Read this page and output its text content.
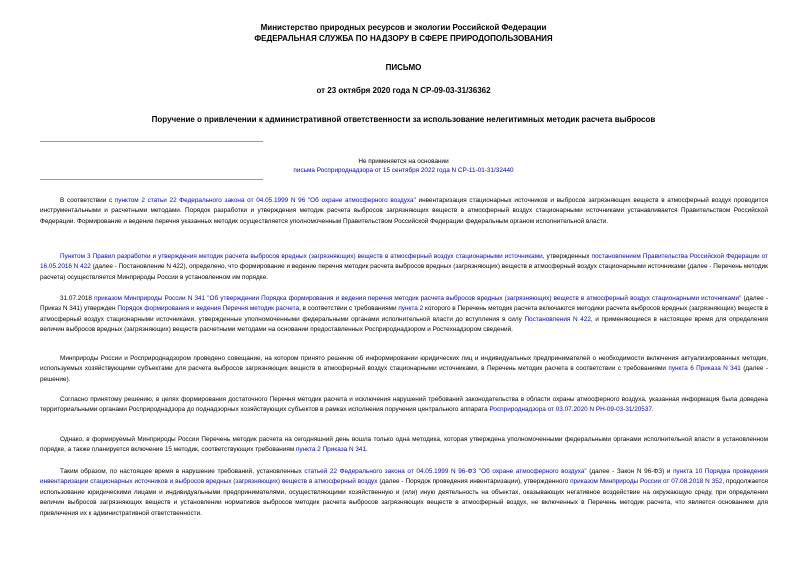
Министерство природных ресурсов и экологии Российской Федерации
ФЕДЕРАЛЬНАЯ СЛУЖБА ПО НАДЗОРУ В СФЕРЕ ПРИРОДОПОЛЬЗОВАНИЯ
ПИСЬМО
от 23 октября 2020 года N СР-09-03-31/36362
Поручение о привлечении к административной ответственности за использование нелегитимных методик расчета выбросов
Не применяется на основании
письма Росприроднадзора от 15 сентября 2022 года N СР-11-01-31/32440
В соответствии с пунктом 2 статьи 22 Федерального закона от 04.05.1999 N 96 "Об охране атмосферного воздуха" инвентаризация стационарных источников и выбросов загрязняющих веществ в атмосферный воздух проводится инструментальными и расчетными методами. Порядок разработки и утверждения методик расчета выбросов загрязняющих веществ в атмосферный воздух стационарными источниками устанавливается Правительством Российской Федерации. Формирование и ведение перечня указанных методик осуществляется уполномоченным Правительством Российской Федерации федеральным органом исполнительной власти.
Пунктом 3 Правил разработки и утверждения методик расчета выбросов вредных (загрязняющих) веществ в атмосферный воздух стационарными источниками, утвержденных постановлением Правительства Российской Федерации от 16.05.2016 N 422 (далее - Постановление N 422), определено, что формирование и ведение перечня методик расчета выбросов вредных (загрязняющих) веществ в атмосферный воздух стационарными источниками (далее - Перечень методик расчета) осуществляется Минприроды России в установленном им порядке.
31.07.2018 приказом Минприроды России N 341 "Об утверждении Порядка формирования и ведения перечня методик расчета выбросов вредных (загрязняющих) веществ в атмосферный воздух стационарными источниками" (далее - Приказ N 341) утвержден Порядок формирования и ведения Перечня методик расчета, в соответствии с требованиями пункта 2 которого в Перечень методик расчета включаются методики расчета выбросов вредных (загрязняющих) веществ в атмосферный воздух стационарными источниками, утвержденные уполномоченными федеральными органами исполнительной власти до вступления в силу Постановления N 422, и применяющиеся в настоящее время для определения величин выбросов вредных (загрязняющих) веществ расчетными методами на основании предоставленных Росприроднадзором и Ростехнадзором сведений.
Минприроды России и Росприроднадзором проведено совещание, на котором принято решение об информировании юридических лиц и индивидуальных предпринимателей о необходимости включения актуализированных методик, используемых хозяйствующими субъектами для расчета выбросов загрязняющих веществ в атмосферный воздух стационарными источниками, в Перечень методик расчета в соответствии с требованиями пункта 6 Приказа N 341 (далее - решение).
Согласно принятому решению, в целях формирования достаточного Перечня методик расчета и исключения нарушений требований законодательства в области охраны атмосферного воздуха, указанная информация была доведена территориальными органами Росприроднадзора до поднадзорных хозяйствующих субъектов в рамках исполнения поручения центрального аппарата Росприроднадзора от 03.07.2020 N РН-09-03-31/20537.
Однако, в формируемый Минприроды России Перечень методик расчета на сегодняшний день вошла только одна методика, которая утверждена уполномоченными федеральными органами исполнительной власти в установленном порядке, а также планируется включение 15 методик, соответствующих требованиям пункта 2 Приказа N 341.
Таким образом, по настоящее время в нарушение требований, установленных статьей 22 Федерального закона от 04.05.1999 N 96-ФЗ "Об охране атмосферного воздуха" (далее - Закон N 96-ФЗ) и пункта 10 Порядка проведения инвентаризации стационарных источников и выбросов вредных (загрязняющих) веществ в атмосферный воздух (далее - Порядок проведения инвентаризации), утвержденного приказом Минприроды России от 07.08.2018 N 352, продолжается использование юридическими лицами и индивидуальными предпринимателями, осуществляющими хозяйственную и (или) иную деятельность на объектах, оказывающих негативное воздействие на окружающую среду, при определении величин выбросов загрязняющих веществ и установлении нормативов выбросов методик расчета выбросов загрязняющих веществ в атмосферный воздух, не включенных в Перечень методик расчета, что является основанием для привлечения их к административной ответственности.
